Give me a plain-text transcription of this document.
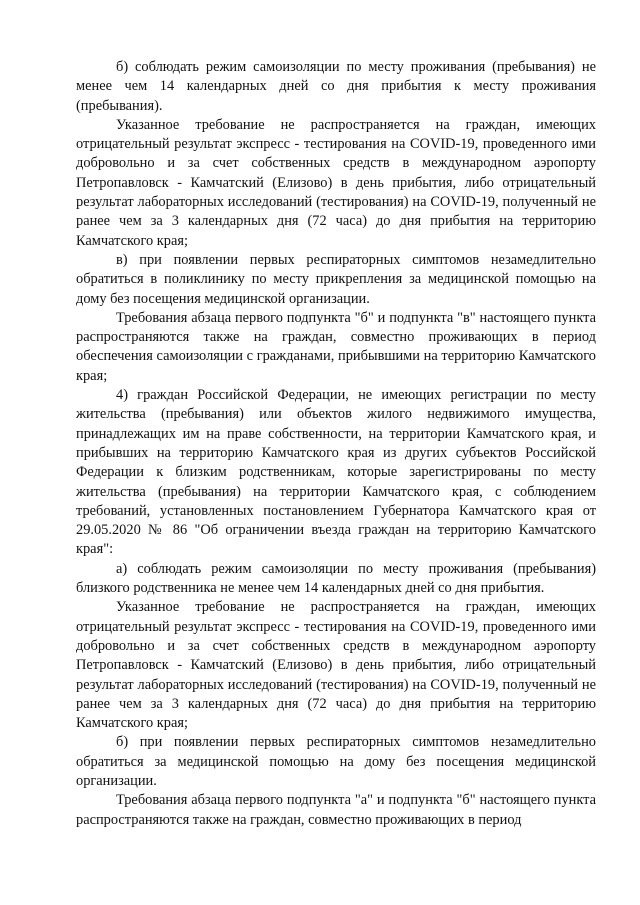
б) соблюдать режим самоизоляции по месту проживания (пребывания) не менее чем 14 календарных дней со дня прибытия к месту проживания (пребывания).

Указанное требование не распространяется на граждан, имеющих отрицательный результат экспресс - тестирования на COVID-19, проведенного ими добровольно и за счет собственных средств в международном аэропорту Петропавловск - Камчатский (Елизово) в день прибытия, либо отрицательный результат лабораторных исследований (тестирования) на COVID-19, полученный не ранее чем за 3 календарных дня (72 часа) до дня прибытия на территорию Камчатского края;

в) при появлении первых респираторных симптомов незамедлительно обратиться в поликлинику по месту прикрепления за медицинской помощью на дому без посещения медицинской организации.

Требования абзаца первого подпункта "б" и подпункта "в" настоящего пункта распространяются также на граждан, совместно проживающих в период обеспечения самоизоляции с гражданами, прибывшими на территорию Камчатского края;

4) граждан Российской Федерации, не имеющих регистрации по месту жительства (пребывания) или объектов жилого недвижимого имущества, принадлежащих им на праве собственности, на территории Камчатского края, и прибывших на территорию Камчатского края из других субъектов Российской Федерации к близким родственникам, которые зарегистрированы по месту жительства (пребывания) на территории Камчатского края, с соблюдением требований, установленных постановлением Губернатора Камчатского края от 29.05.2020 № 86 "Об ограничении въезда граждан на территорию Камчатского края":

а) соблюдать режим самоизоляции по месту проживания (пребывания) близкого родственника не менее чем 14 календарных дней со дня прибытия.

Указанное требование не распространяется на граждан, имеющих отрицательный результат экспресс - тестирования на COVID-19, проведенного ими добровольно и за счет собственных средств в международном аэропорту Петропавловск - Камчатский (Елизово) в день прибытия, либо отрицательный результат лабораторных исследований (тестирования) на COVID-19, полученный не ранее чем за 3 календарных дня (72 часа) до дня прибытия на территорию Камчатского края;

б) при появлении первых респираторных симптомов незамедлительно обратиться за медицинской помощью на дому без посещения медицинской организации.

Требования абзаца первого подпункта "а" и подпункта "б" настоящего пункта распространяются также на граждан, совместно проживающих в период
